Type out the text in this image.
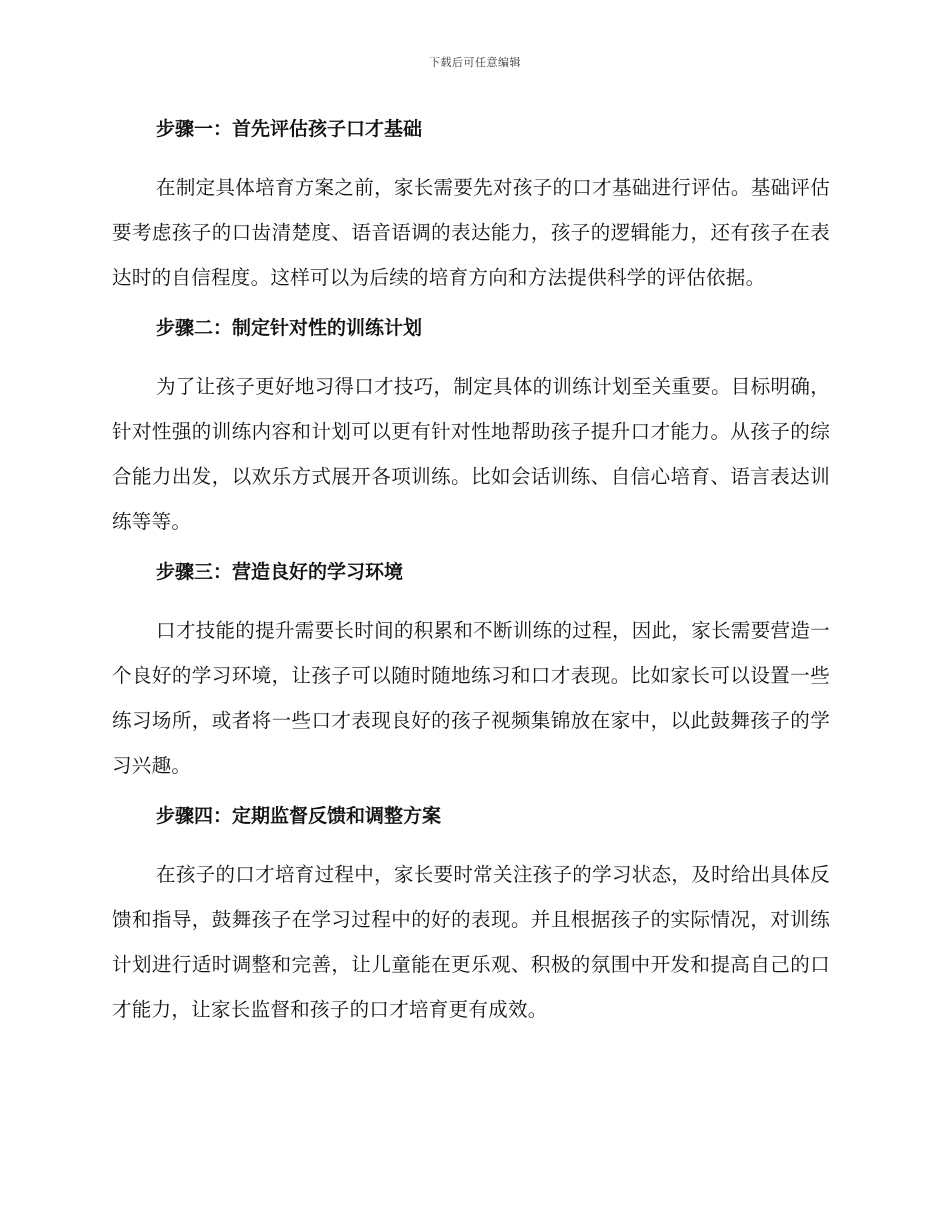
下载后可任意编辑

步骤一：首先评估孩子口才基础

在制定具体培育方案之前，家长需要先对孩子的口才基础进行评估。基础评估要考虑孩子的口齿清楚度、语音语调的表达能力，孩子的逻辑能力，还有孩子在表达时的自信程度。这样可以为后续的培育方向和方法提供科学的评估依据。

步骤二：制定针对性的训练计划

为了让孩子更好地习得口才技巧，制定具体的训练计划至关重要。目标明确，针对性强的训练内容和计划可以更有针对性地帮助孩子提升口才能力。从孩子的综合能力出发，以欢乐方式展开各项训练。比如会话训练、自信心培育、语言表达训练等等。

步骤三：营造良好的学习环境

口才技能的提升需要长时间的积累和不断训练的过程，因此，家长需要营造一个良好的学习环境，让孩子可以随时随地练习和口才表现。比如家长可以设置一些练习场所，或者将一些口才表现良好的孩子视频集锦放在家中，以此鼓舞孩子的学习兴趣。

步骤四：定期监督反馈和调整方案

在孩子的口才培育过程中，家长要时常关注孩子的学习状态，及时给出具体反馈和指导，鼓舞孩子在学习过程中的好的表现。并且根据孩子的实际情况，对训练计划进行适时调整和完善，让儿童能在更乐观、积极的氛围中开发和提高自己的口才能力，让家长监督和孩子的口才培育更有成效。
